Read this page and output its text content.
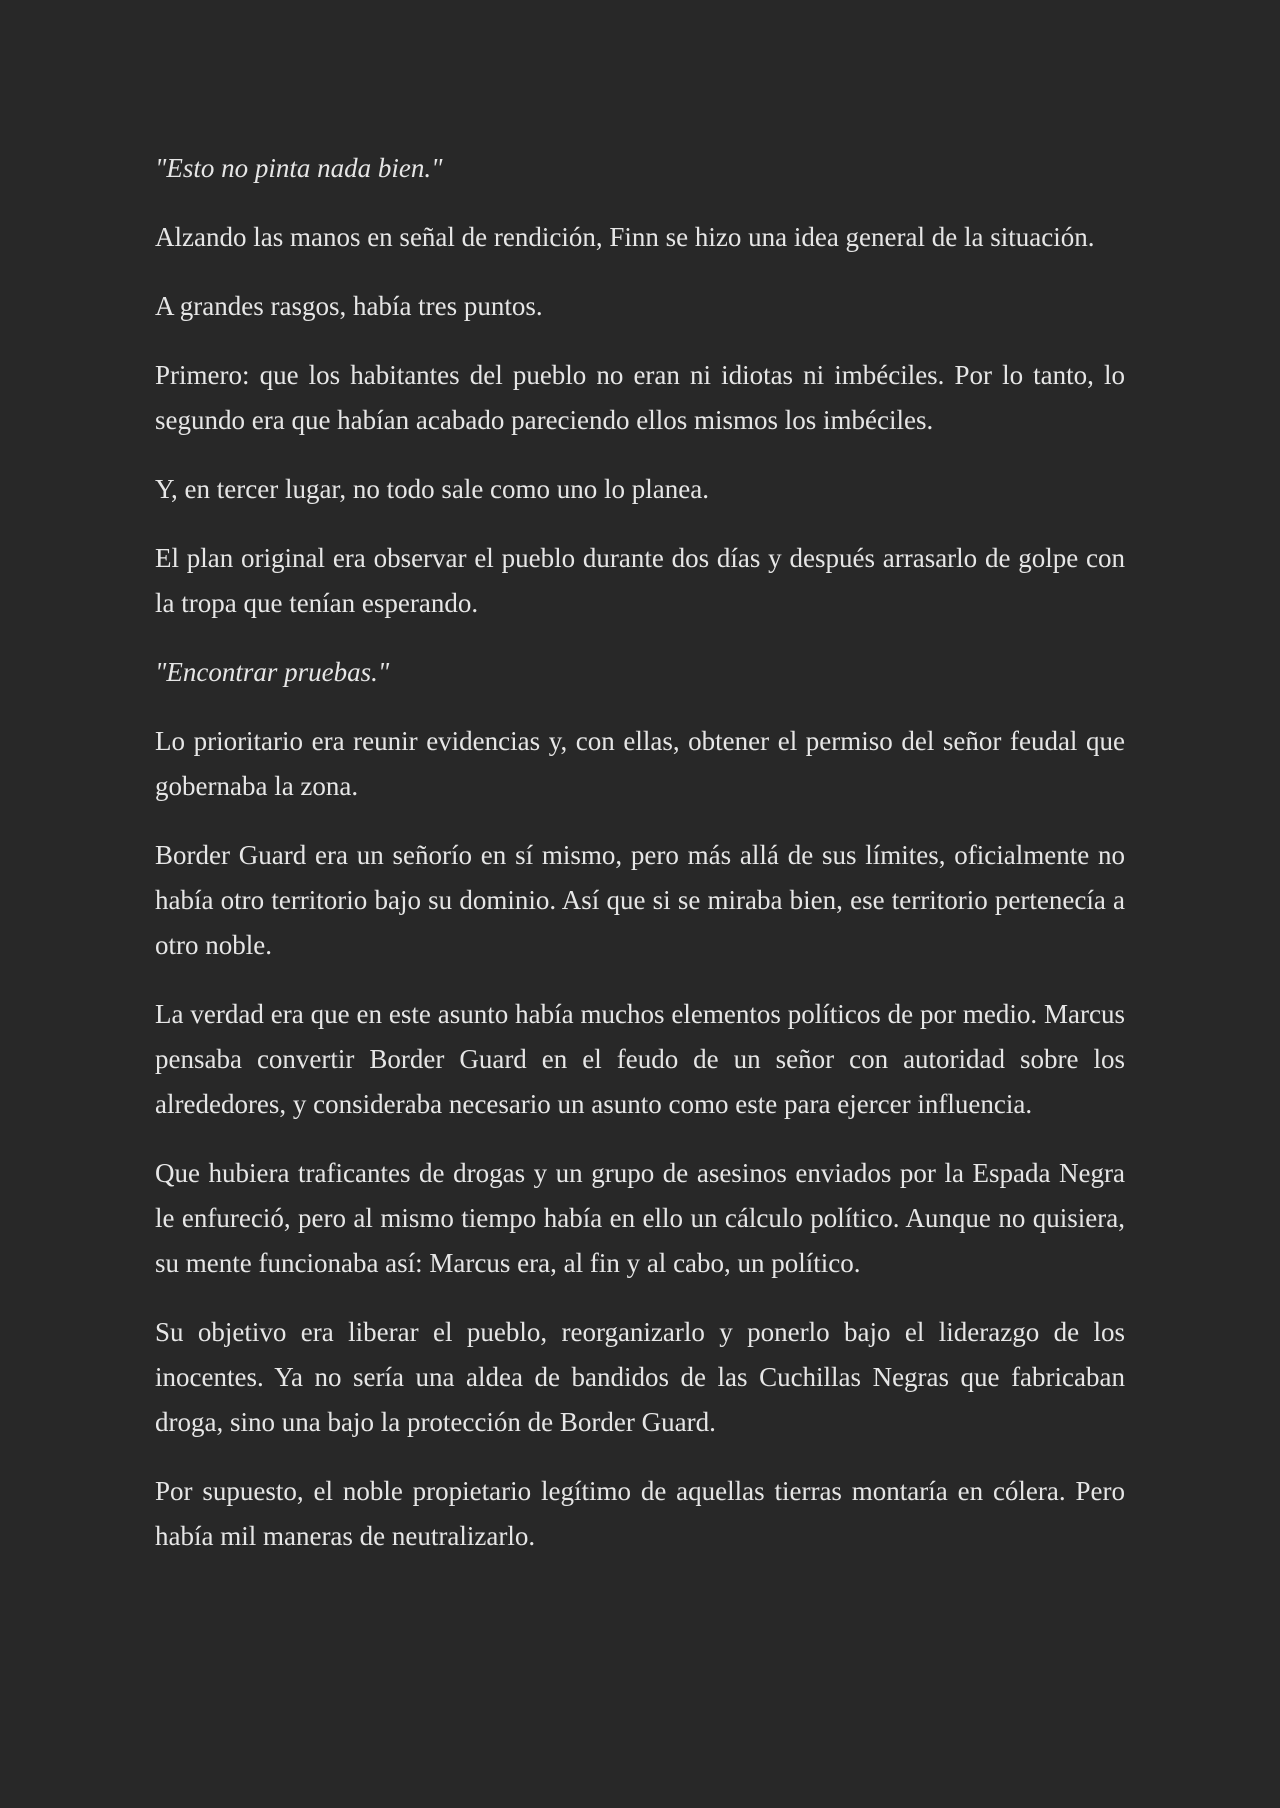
"Esto no pinta nada bien."

Alzando las manos en señal de rendición, Finn se hizo una idea general de la situación.

A grandes rasgos, había tres puntos.

Primero: que los habitantes del pueblo no eran ni idiotas ni imbéciles. Por lo tanto, lo segundo era que habían acabado pareciendo ellos mismos los imbéciles.

Y, en tercer lugar, no todo sale como uno lo planea.

El plan original era observar el pueblo durante dos días y después arrasarlo de golpe con la tropa que tenían esperando.

"Encontrar pruebas."

Lo prioritario era reunir evidencias y, con ellas, obtener el permiso del señor feudal que gobernaba la zona.

Border Guard era un señorío en sí mismo, pero más allá de sus límites, oficialmente no había otro territorio bajo su dominio. Así que si se miraba bien, ese territorio pertenecía a otro noble.

La verdad era que en este asunto había muchos elementos políticos de por medio. Marcus pensaba convertir Border Guard en el feudo de un señor con autoridad sobre los alrededores, y consideraba necesario un asunto como este para ejercer influencia.

Que hubiera traficantes de drogas y un grupo de asesinos enviados por la Espada Negra le enfureció, pero al mismo tiempo había en ello un cálculo político. Aunque no quisiera, su mente funcionaba así: Marcus era, al fin y al cabo, un político.

Su objetivo era liberar el pueblo, reorganizarlo y ponerlo bajo el liderazgo de los inocentes. Ya no sería una aldea de bandidos de las Cuchillas Negras que fabricaban droga, sino una bajo la protección de Border Guard.

Por supuesto, el noble propietario legítimo de aquellas tierras montaría en cólera. Pero había mil maneras de neutralizarlo.
